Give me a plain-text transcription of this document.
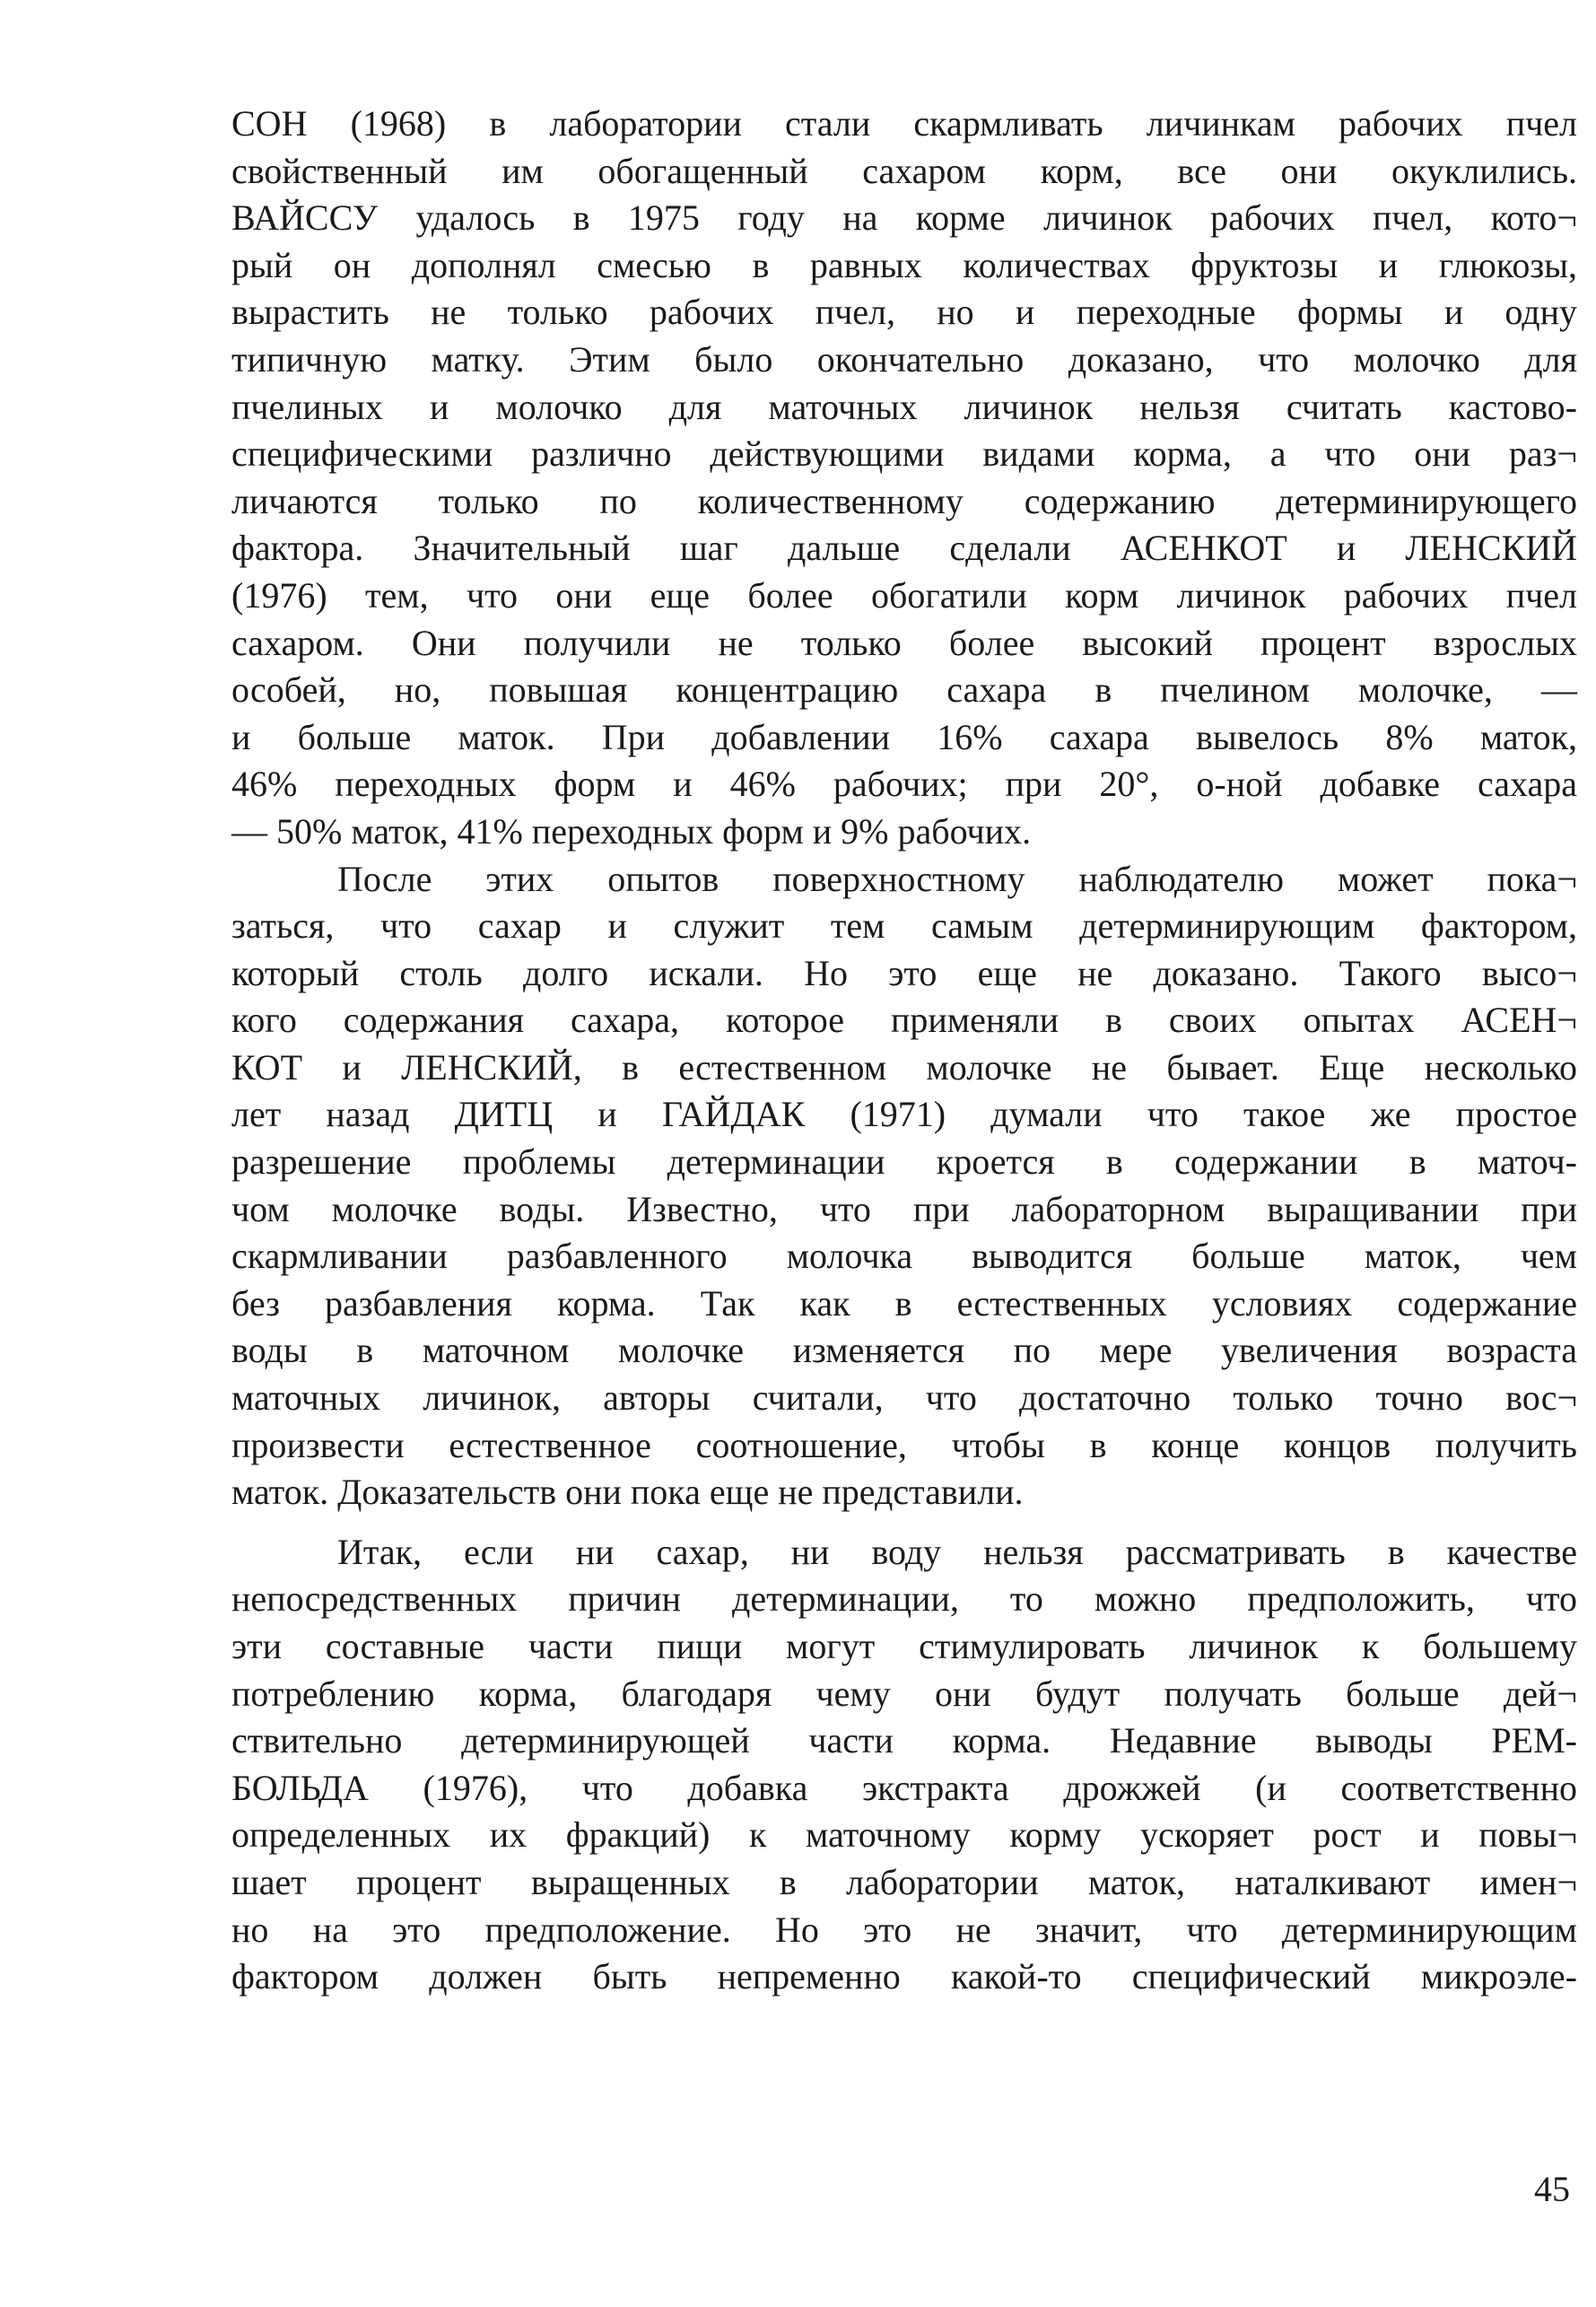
СОН (1968) в лаборатории стали скармливать личинкам рабочих пчел
свойственный им обогащенный сахаром корм, все они окуклились.
ВАЙССУ удалось в 1975 году на корме личинок рабочих пчел, кото¬
рый он дополнял смесью в равных количествах фруктозы и глюкозы,
вырастить не только рабочих пчел, но и переходные формы и одну
типичную матку. Этим было окончательно доказано, что молочко для
пчелиных и молочко для маточных личинок нельзя считать кастово-
специфическими различно действующими видами корма, а что они раз¬
личаются только по количественному содержанию детерминирующего
фактора. Значительный шаг дальше сделали АСЕНКОТ и ЛЕНСКИЙ
(1976) тем, что они еще более обогатили корм личинок рабочих пчел
сахаром. Они получили не только более высокий процент взрослых
особей, но, повышая концентрацию сахара в пчелином молочке, —
и больше маток. При добавлении 16% сахара вывелось 8% маток,
46% переходных форм и 46% рабочих; при 20°, о-ной добавке сахара
— 50% маток, 41% переходных форм и 9% рабочих.
После этих опытов поверхностному наблюдателю может пока¬
заться, что сахар и служит тем самым детерминирующим фактором,
который столь долго искали. Но это еще не доказано. Такого высо¬
кого содержания сахара, которое применяли в своих опытах АСЕН¬
КОТ и ЛЕНСКИЙ, в естественном молочке не бывает. Еще несколько
лет назад ДИТЦ и ГАЙДАК (1971) думали что такое же простое
разрешение проблемы детерминации кроется в содержании в маточ-
чом молочке воды. Известно, что при лабораторном выращивании при
скармливании разбавленного молочка выводится больше маток, чем
без разбавления корма. Так как в естественных условиях содержание
воды в маточном молочке изменяется по мере увеличения возраста
маточных личинок, авторы считали, что достаточно только точно вос¬
произвести естественное соотношение, чтобы в конце концов получить
маток. Доказательств они пока еще не представили.
Итак, если ни сахар, ни воду нельзя рассматривать в качестве
непосредственных причин детерминации, то можно предположить, что
эти составные части пищи могут стимулировать личинок к большему
потреблению корма, благодаря чему они будут получать больше дей¬
ствительно детерминирующей части корма. Недавние выводы РЕМ-
БОЛЬДА (1976), что добавка экстракта дрожжей (и соответственно
определенных их фракций) к маточному корму ускоряет рост и повы¬
шает процент выращенных в лаборатории маток, наталкивают имен¬
но на это предположение. Но это не значит, что детерминирующим
фактором должен быть непременно какой-то специфический микроэле-
45
